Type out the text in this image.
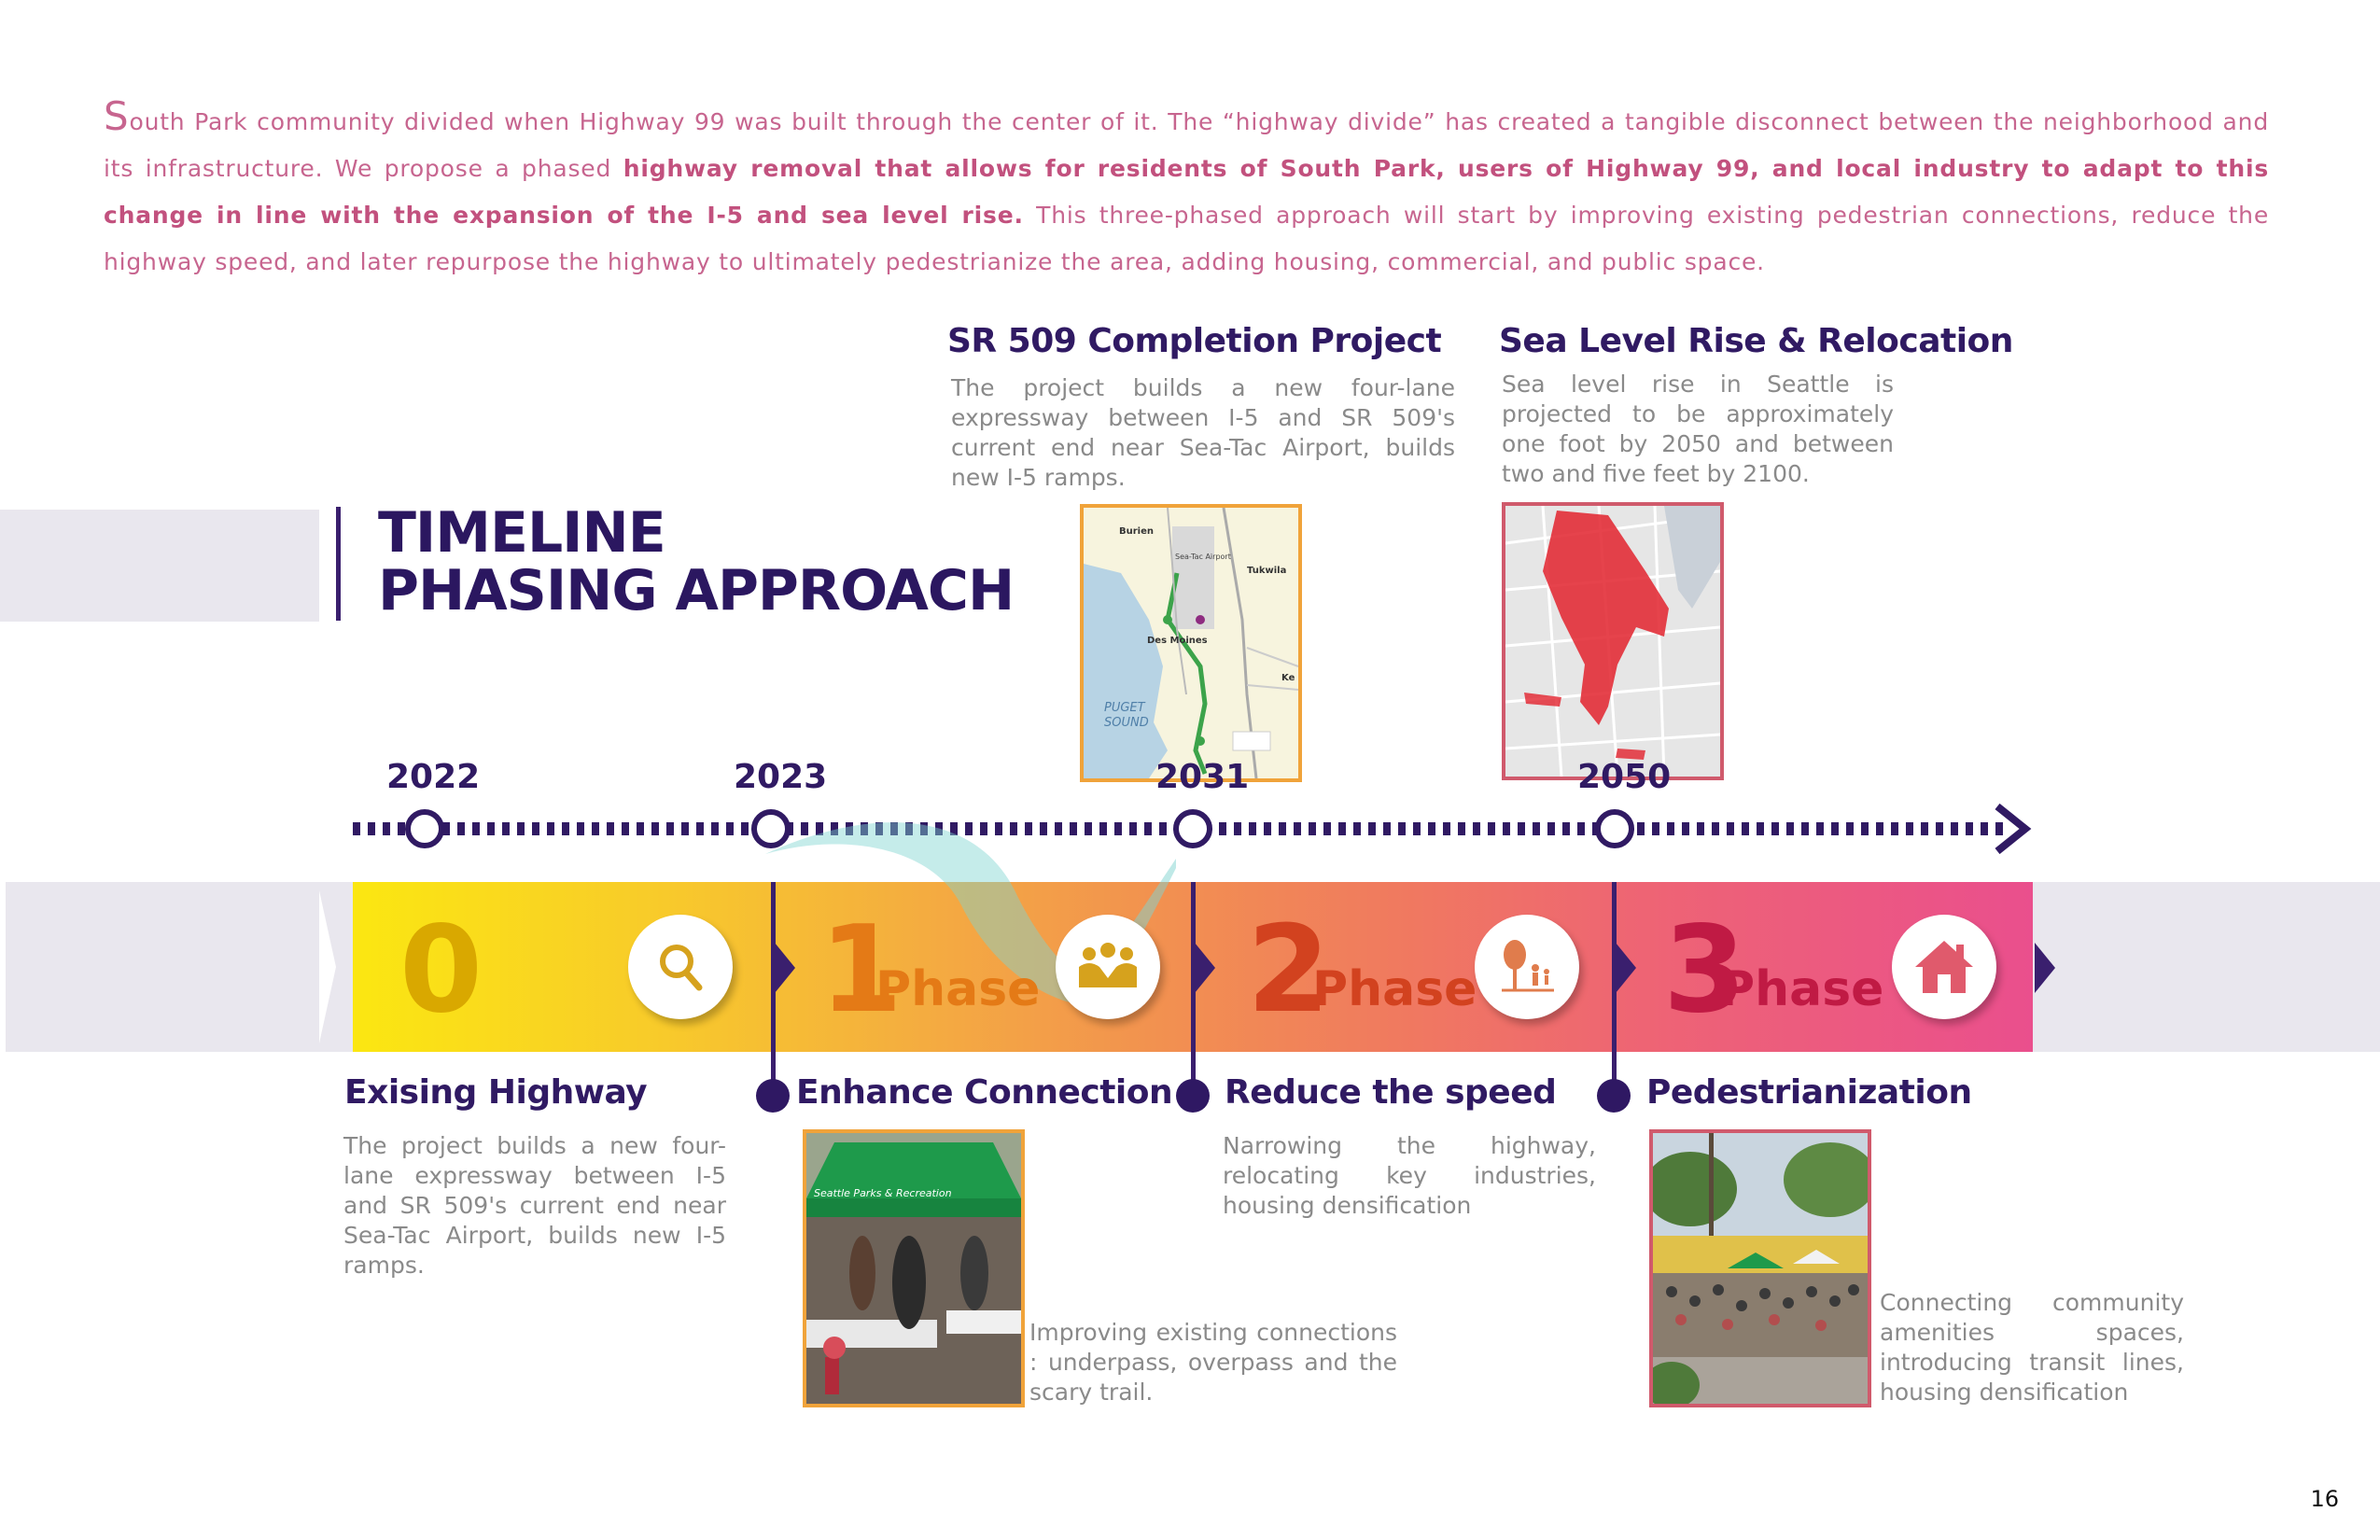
South Park community divided when Highway 99 was built through the center of it. The “highway divide” has created a tangible disconnect between the neighborhood and its infrastructure. We propose a phased highway removal that allows for residents of South Park, users of Highway 99, and local industry to adapt to this change in line with the expansion of the I-5 and sea level rise. This three-phased approach will start by improving existing pedestrian connections, reduce the highway speed, and later repurpose the highway to ultimately pedestrianize the area, adding housing, commercial, and public space.
SR 509 Completion Project
The project builds a new four-lane expressway between I-5 and SR 509's current end near Sea-Tac Airport, builds new I-5 ramps.
Sea Level Rise & Relocation
Sea level rise in Seattle is projected to be approximately one foot by 2050 and between two and five feet by 2100.
TIMELINE
PHASING APPROACH
Burien
Tukwila
Sea-Tac Airport
Des Moines
Ke
PUGET
SOUND
2022	2023	2031	2050
0	1
Phase 2
Phase 3
Phase
Exising Highway	Enhance Connection Reduce the speed	Pedestrianization
The project builds a new four-lane expressway between I-5 and SR 509's current end near Sea-Tac Airport, builds new I-5 ramps.
Improving existing connections : underpass, overpass and the scary trail.
Narrowing the highway, relocating key industries, housing densification
Connecting community amenities spaces, introducing transit lines, housing densification
Seattle Parks & Recreation
16
